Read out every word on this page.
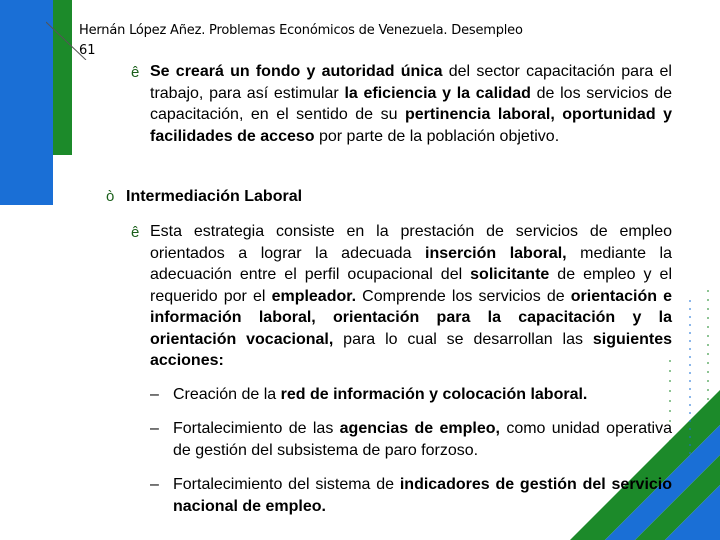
Hernán López Añez. Problemas Económicos de Venezuela. Desempleo
61
ê Se creará un fondo y autoridad única del sector capacitación para el trabajo, para así estimular la eficiencia y la calidad de los servicios de capacitación, en el sentido de su pertinencia laboral, oportunidad y facilidades de acceso por parte de la población objetivo.
ò Intermediación Laboral
ê Esta estrategia consiste en la prestación de servicios de empleo orientados a lograr la adecuada inserción laboral, mediante la adecuación entre el perfil ocupacional del solicitante de empleo y el requerido por el empleador. Comprende los servicios de orientación e información laboral, orientación para la capacitación y la orientación vocacional, para lo cual se desarrollan las siguientes acciones:
– Creación de la red de información y colocación laboral.
– Fortalecimiento de las agencias de empleo, como unidad operativa de gestión del subsistema de paro forzoso.
– Fortalecimiento del sistema de indicadores de gestión del servicio nacional de empleo.
